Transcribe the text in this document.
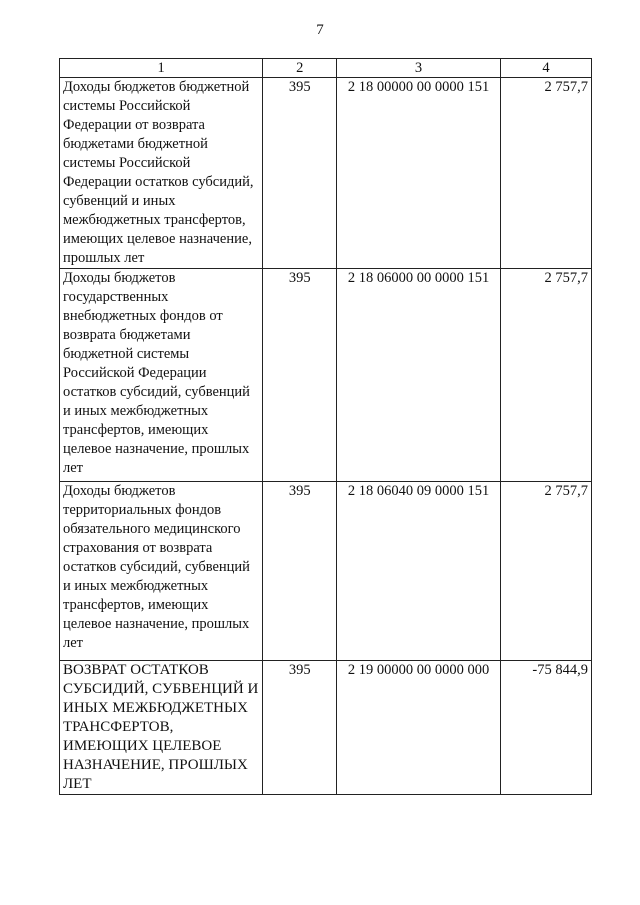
7
1	2	3	4
Доходы бюджетов бюджетной системы Российской Федерации от возврата бюджетами бюджетной системы Российской Федерации остатков субсидий, субвенций и иных межбюджетных трансфертов, имеющих целевое назначение, прошлых лет	395	2 18 00000 00 0000 151	2 757,7
Доходы бюджетов государственных внебюджетных фондов от возврата бюджетами бюджетной системы Российской Федерации остатков субсидий, субвенций и иных межбюджетных трансфертов, имеющих целевое назначение, прошлых лет	395	2 18 06000 00 0000 151	2 757,7
Доходы бюджетов территориальных фондов обязательного медицинского страхования от возврата остатков субсидий, субвенций и иных межбюджетных трансфертов, имеющих целевое назначение, прошлых лет	395	2 18 06040 09 0000 151	2 757,7
ВОЗВРАТ ОСТАТКОВ СУБСИДИЙ, СУБВЕНЦИЙ И ИНЫХ МЕЖБЮДЖЕТНЫХ ТРАНСФЕРТОВ, ИМЕЮЩИХ ЦЕЛЕВОЕ НАЗНАЧЕНИЕ, ПРОШЛЫХ ЛЕТ	395	2 19 00000 00 0000 000	-75 844,9
